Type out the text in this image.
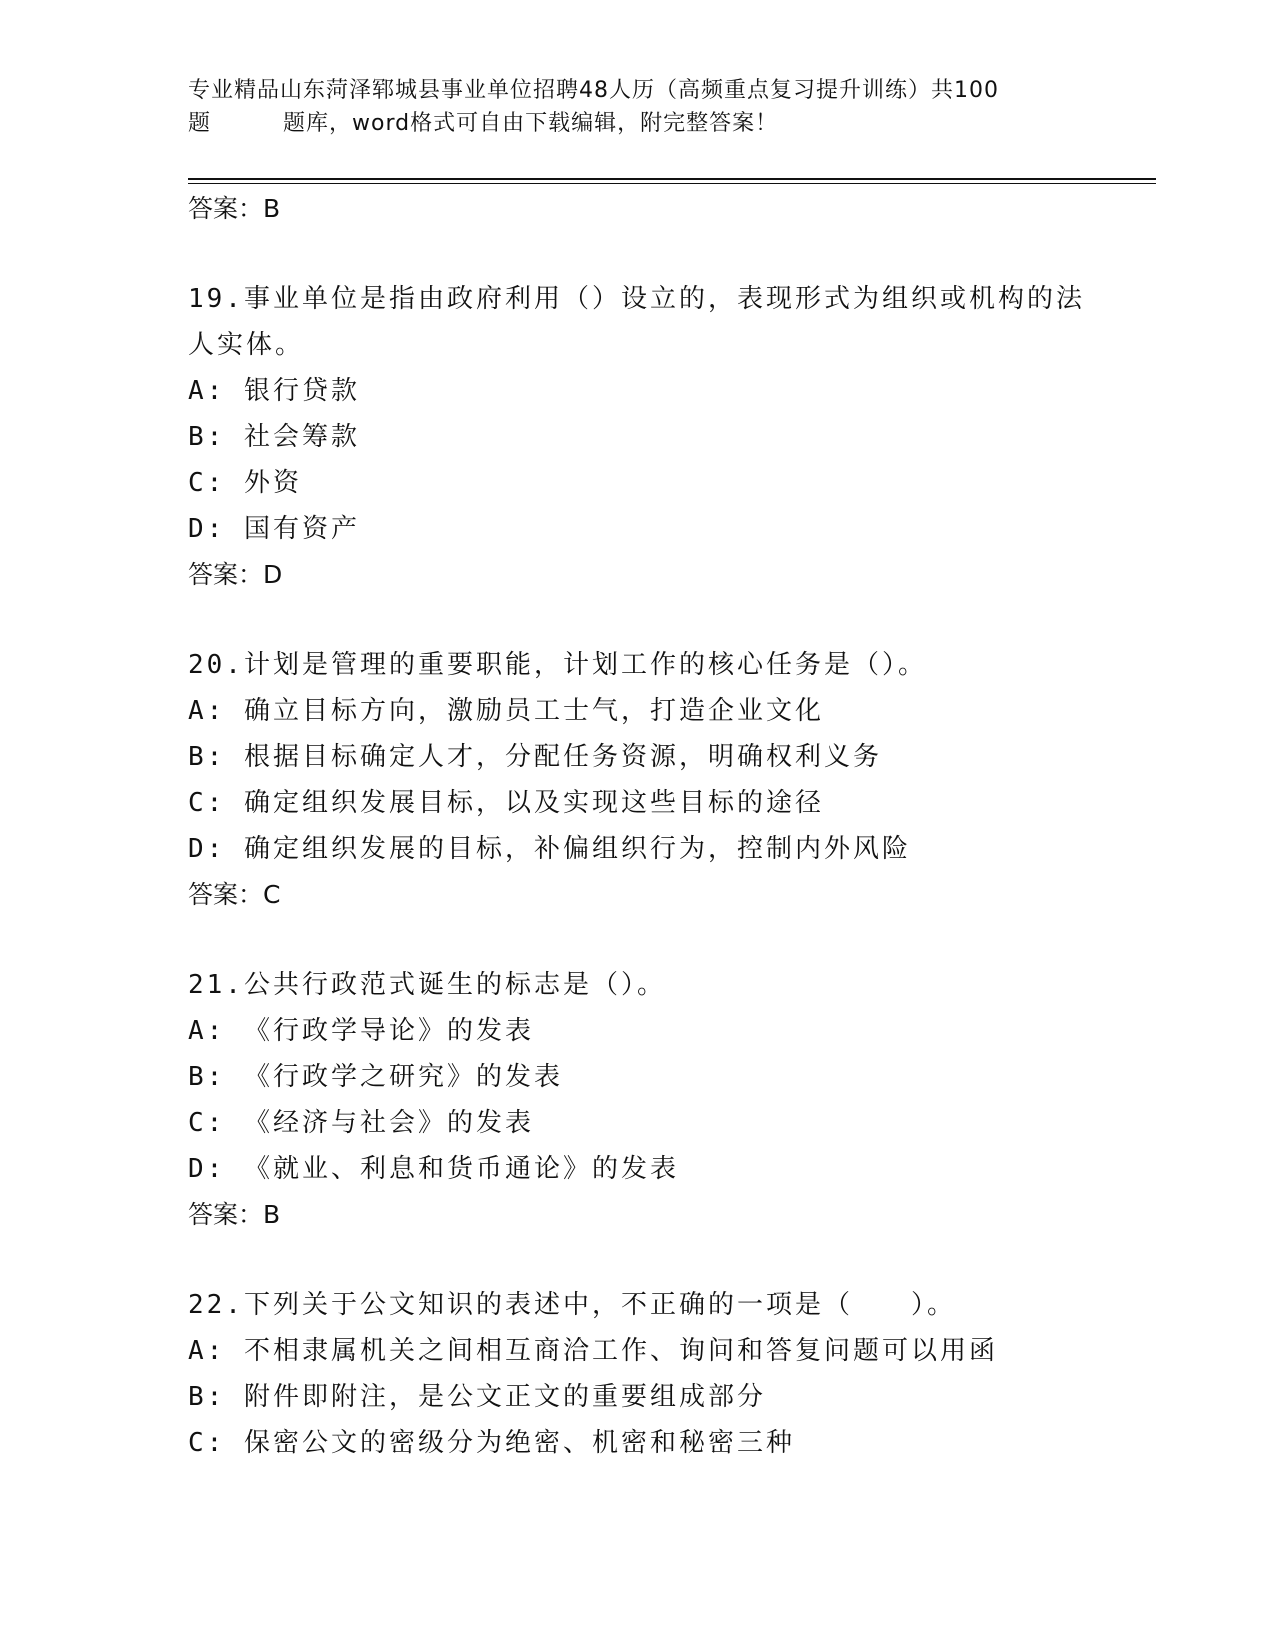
专业精品山东菏泽郓城县事业单位招聘48人历（高频重点复习提升训练）共100
题	题库，word格式可自由下载编辑，附完整答案！

答案：B

19.事业单位是指由政府利用（）设立的，表现形式为组织或机构的法

人实体。

A: 银行贷款

B: 社会筹款

C: 外资

D: 国有资产

答案：D

20.计划是管理的重要职能，计划工作的核心任务是（）。

A: 确立目标方向，激励员工士气，打造企业文化

B: 根据目标确定人才，分配任务资源，明确权利义务

C: 确定组织发展目标，以及实现这些目标的途径

D: 确定组织发展的目标，补偏组织行为，控制内外风险

答案：C

21.公共行政范式诞生的标志是（）。

A: 《行政学导论》的发表

B: 《行政学之研究》的发表

C: 《经济与社会》的发表

D: 《就业、利息和货币通论》的发表

答案：B

22.下列关于公文知识的表述中，不正确的一项是（　　）。

A: 不相隶属机关之间相互商洽工作、询问和答复问题可以用函

B: 附件即附注，是公文正文的重要组成部分

C: 保密公文的密级分为绝密、机密和秘密三种
